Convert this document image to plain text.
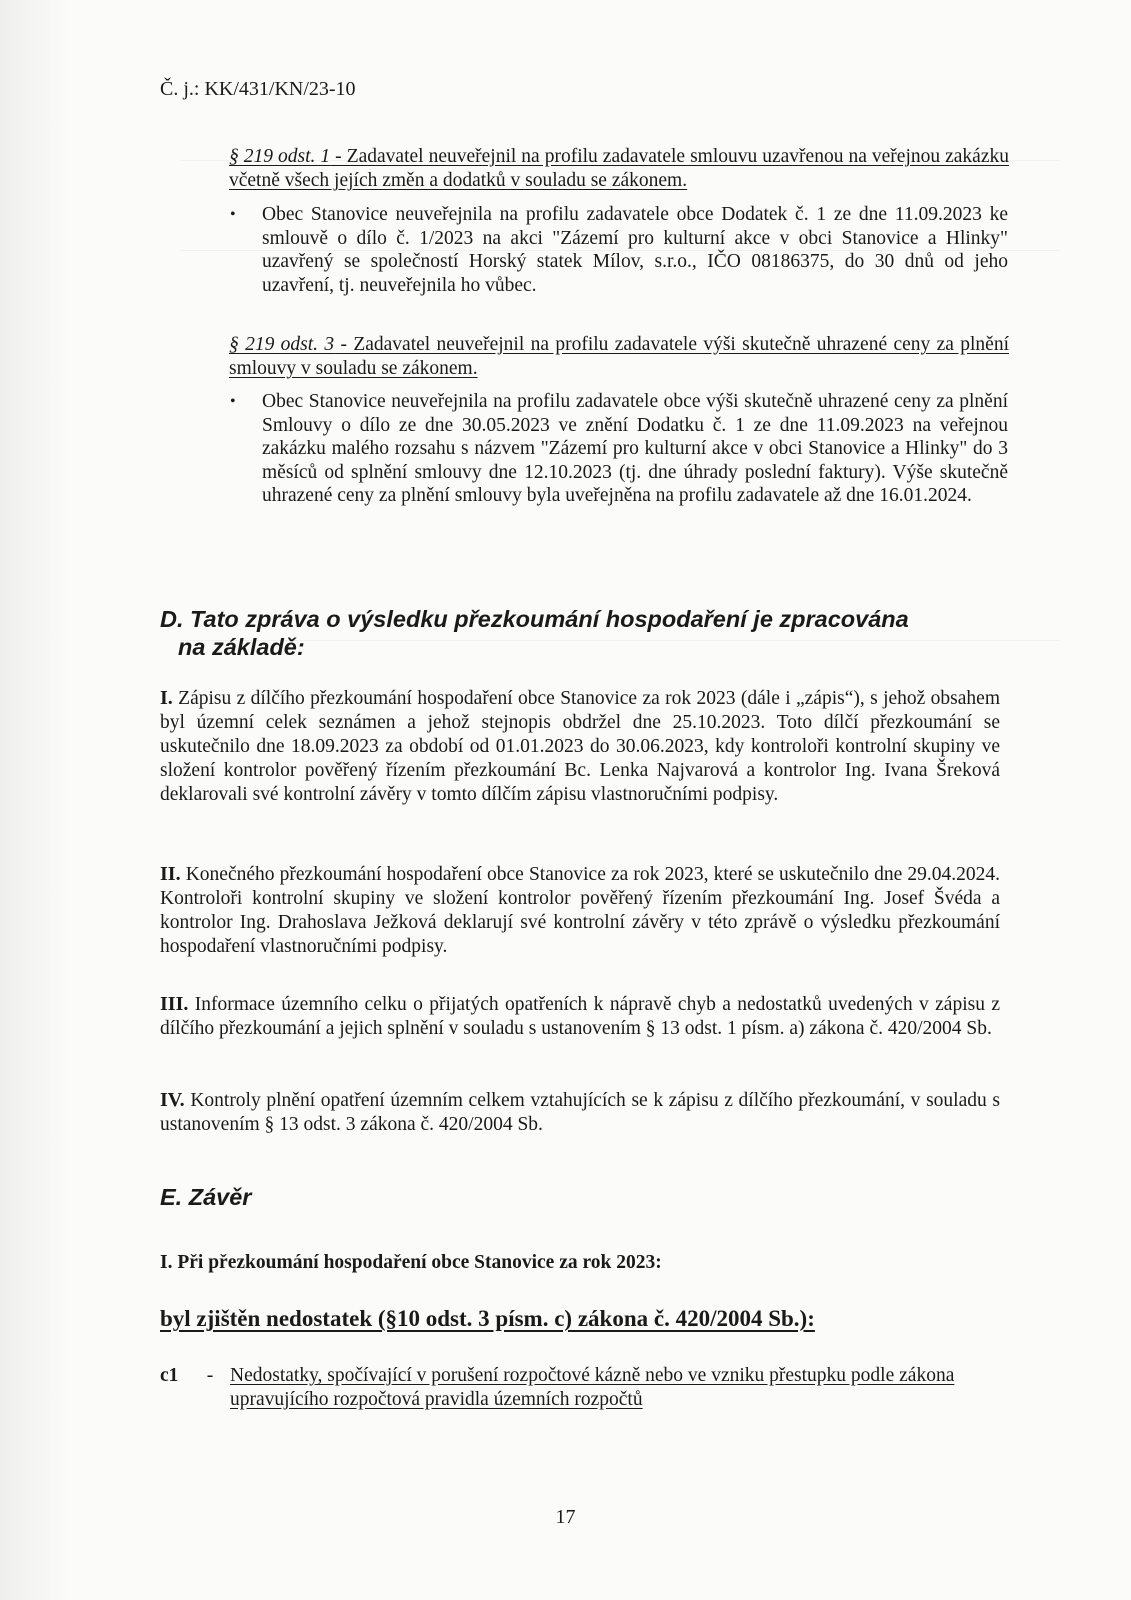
Č. j.: KK/431/KN/23-10
§ 219 odst. 1 - Zadavatel neuveřejnil na profilu zadavatele smlouvu uzavřenou na veřejnou zakázku včetně všech jejích změn a dodatků v souladu se zákonem.
•	Obec Stanovice neuveřejnila na profilu zadavatele obce Dodatek č. 1 ze dne 11.09.2023 ke smlouvě o dílo č. 1/2023 na akci "Zázemí pro kulturní akce v obci Stanovice a Hlinky" uzavřený se společností Horský statek Mílov, s.r.o., IČO 08186375, do 30 dnů od jeho uzavření, tj. neuveřejnila ho vůbec.
§ 219 odst. 3 - Zadavatel neuveřejnil na profilu zadavatele výši skutečně uhrazené ceny za plnění smlouvy v souladu se zákonem.
•	Obec Stanovice neuveřejnila na profilu zadavatele obce výši skutečně uhrazené ceny za plnění Smlouvy o dílo ze dne 30.05.2023 ve znění Dodatku č. 1 ze dne 11.09.2023 na veřejnou zakázku malého rozsahu s názvem "Zázemí pro kulturní akce v obci Stanovice a Hlinky" do 3 měsíců od splnění smlouvy dne 12.10.2023 (tj. dne úhrady poslední faktury). Výše skutečně uhrazené ceny za plnění smlouvy byla uveřejněna na profilu zadavatele až dne 16.01.2024.
D. Tato zpráva o výsledku přezkoumání hospodaření je zpracována
na základě:
I. Zápisu z dílčího přezkoumání hospodaření obce Stanovice za rok 2023 (dále i „zápis“), s jehož obsahem byl územní celek seznámen a jehož stejnopis obdržel dne 25.10.2023. Toto dílčí přezkoumání se uskutečnilo dne 18.09.2023 za období od 01.01.2023 do 30.06.2023, kdy kontroloři kontrolní skupiny ve složení kontrolor pověřený řízením přezkoumání Bc. Lenka Najvarová a kontrolor Ing. Ivana Šreková deklarovali své kontrolní závěry v tomto dílčím zápisu vlastnoručními podpisy.
II. Konečného přezkoumání hospodaření obce Stanovice za rok 2023, které se uskutečnilo dne 29.04.2024. Kontroloři kontrolní skupiny ve složení kontrolor pověřený řízením přezkoumání Ing. Josef Švéda a kontrolor Ing. Drahoslava Ježková deklarují své kontrolní závěry v této zprávě o výsledku přezkoumání hospodaření vlastnoručními podpisy.
III. Informace územního celku o přijatých opatřeních k nápravě chyb a nedostatků uvedených v zápisu z dílčího přezkoumání a jejich splnění v souladu s ustanovením § 13 odst. 1 písm. a) zákona č. 420/2004 Sb.
IV. Kontroly plnění opatření územním celkem vztahujících se k zápisu z dílčího přezkoumání, v souladu s ustanovením § 13 odst. 3 zákona č. 420/2004 Sb.
E. Závěr
I. Při přezkoumání hospodaření obce Stanovice za rok 2023:
byl zjištěn nedostatek (§10 odst. 3 písm. c) zákona č. 420/2004 Sb.):
c1	- Nedostatky, spočívající v porušení rozpočtové kázně nebo ve vzniku přestupku podle zákona upravujícího rozpočtová pravidla územních rozpočtů
17
